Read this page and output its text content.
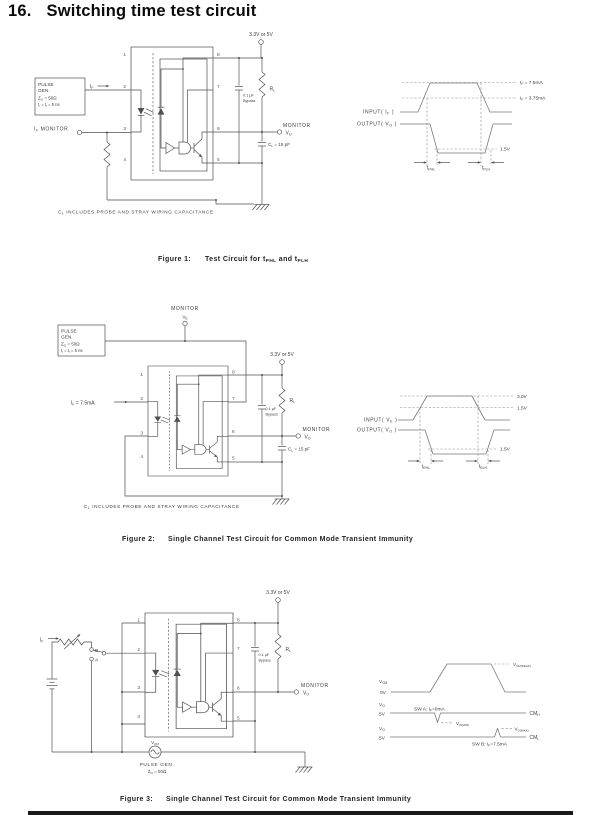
16. Switching time test circuit
1
2
3
4
8
7
6
5
PULSE
GEN.
$Z_O = 50\Omega$
$t_r = t_f = 5$ ns
$I_F$
$I_F$ MONITOR
3.3V or 5V
0.1 µF
Bypass
$R_L$
MONITOR
$V_O$
$C_L = 15$ pF
$C_L$ INCLUDES PROBE AND STRAY WIRING CAPACITANCE
INPUT( $I_F$ )
OUTPUT( $V_O$ )
$I_F = 7.5mA$
$I_F = 3.75mA$
1.5V
$t_{PHL}$	$t_{PLH}$
Figure 1: Test Circuit for tPHL and tPLH
1
2
3
4
8
7
6
5
MONITOR
$V_E$
PULSE
GEN.
$Z_O = 50\Omega$
$t_r = t_f = 5$ ns
$I_F = 7.5mA$
3.3V or 5V
0.1 µF
Bypass
$R_L$
MONITOR
$V_O$
$C_L = 15$ pF
$C_L$ INCLUDES PROBE AND STRAY WIRING CAPACITANCE
INPUT( $V_E$ )
OUTPUT( $V_O$ )
3.0V
1.5V
1.5V
$t_{EHL}$	$t_{ELH}$
Figure 2: Single Channel Test Circuit for Common Mode Transient Immunity
1
2
3
4
8
7
6
5
$I_F$
B
A
3.3V or 5V
0.1 µF
Bypass
$R_L$
MONITOR
$V_O$
$V_{CM}$
PULSE GEN.
$Z_O = 50\Omega$
$V_{CM}$
0V
$V_{CM(PEAK)}$
$V_O$
5V
SW A: $I_F=0mA$
$V_{O(MIN)}$
$CM_H$
$V_O$
5V
$V_{O(MAX)}$
$CM_L$
SW B: $I_F=7.5mA$
Figure 3: Single Channel Test Circuit for Common Mode Transient Immunity
